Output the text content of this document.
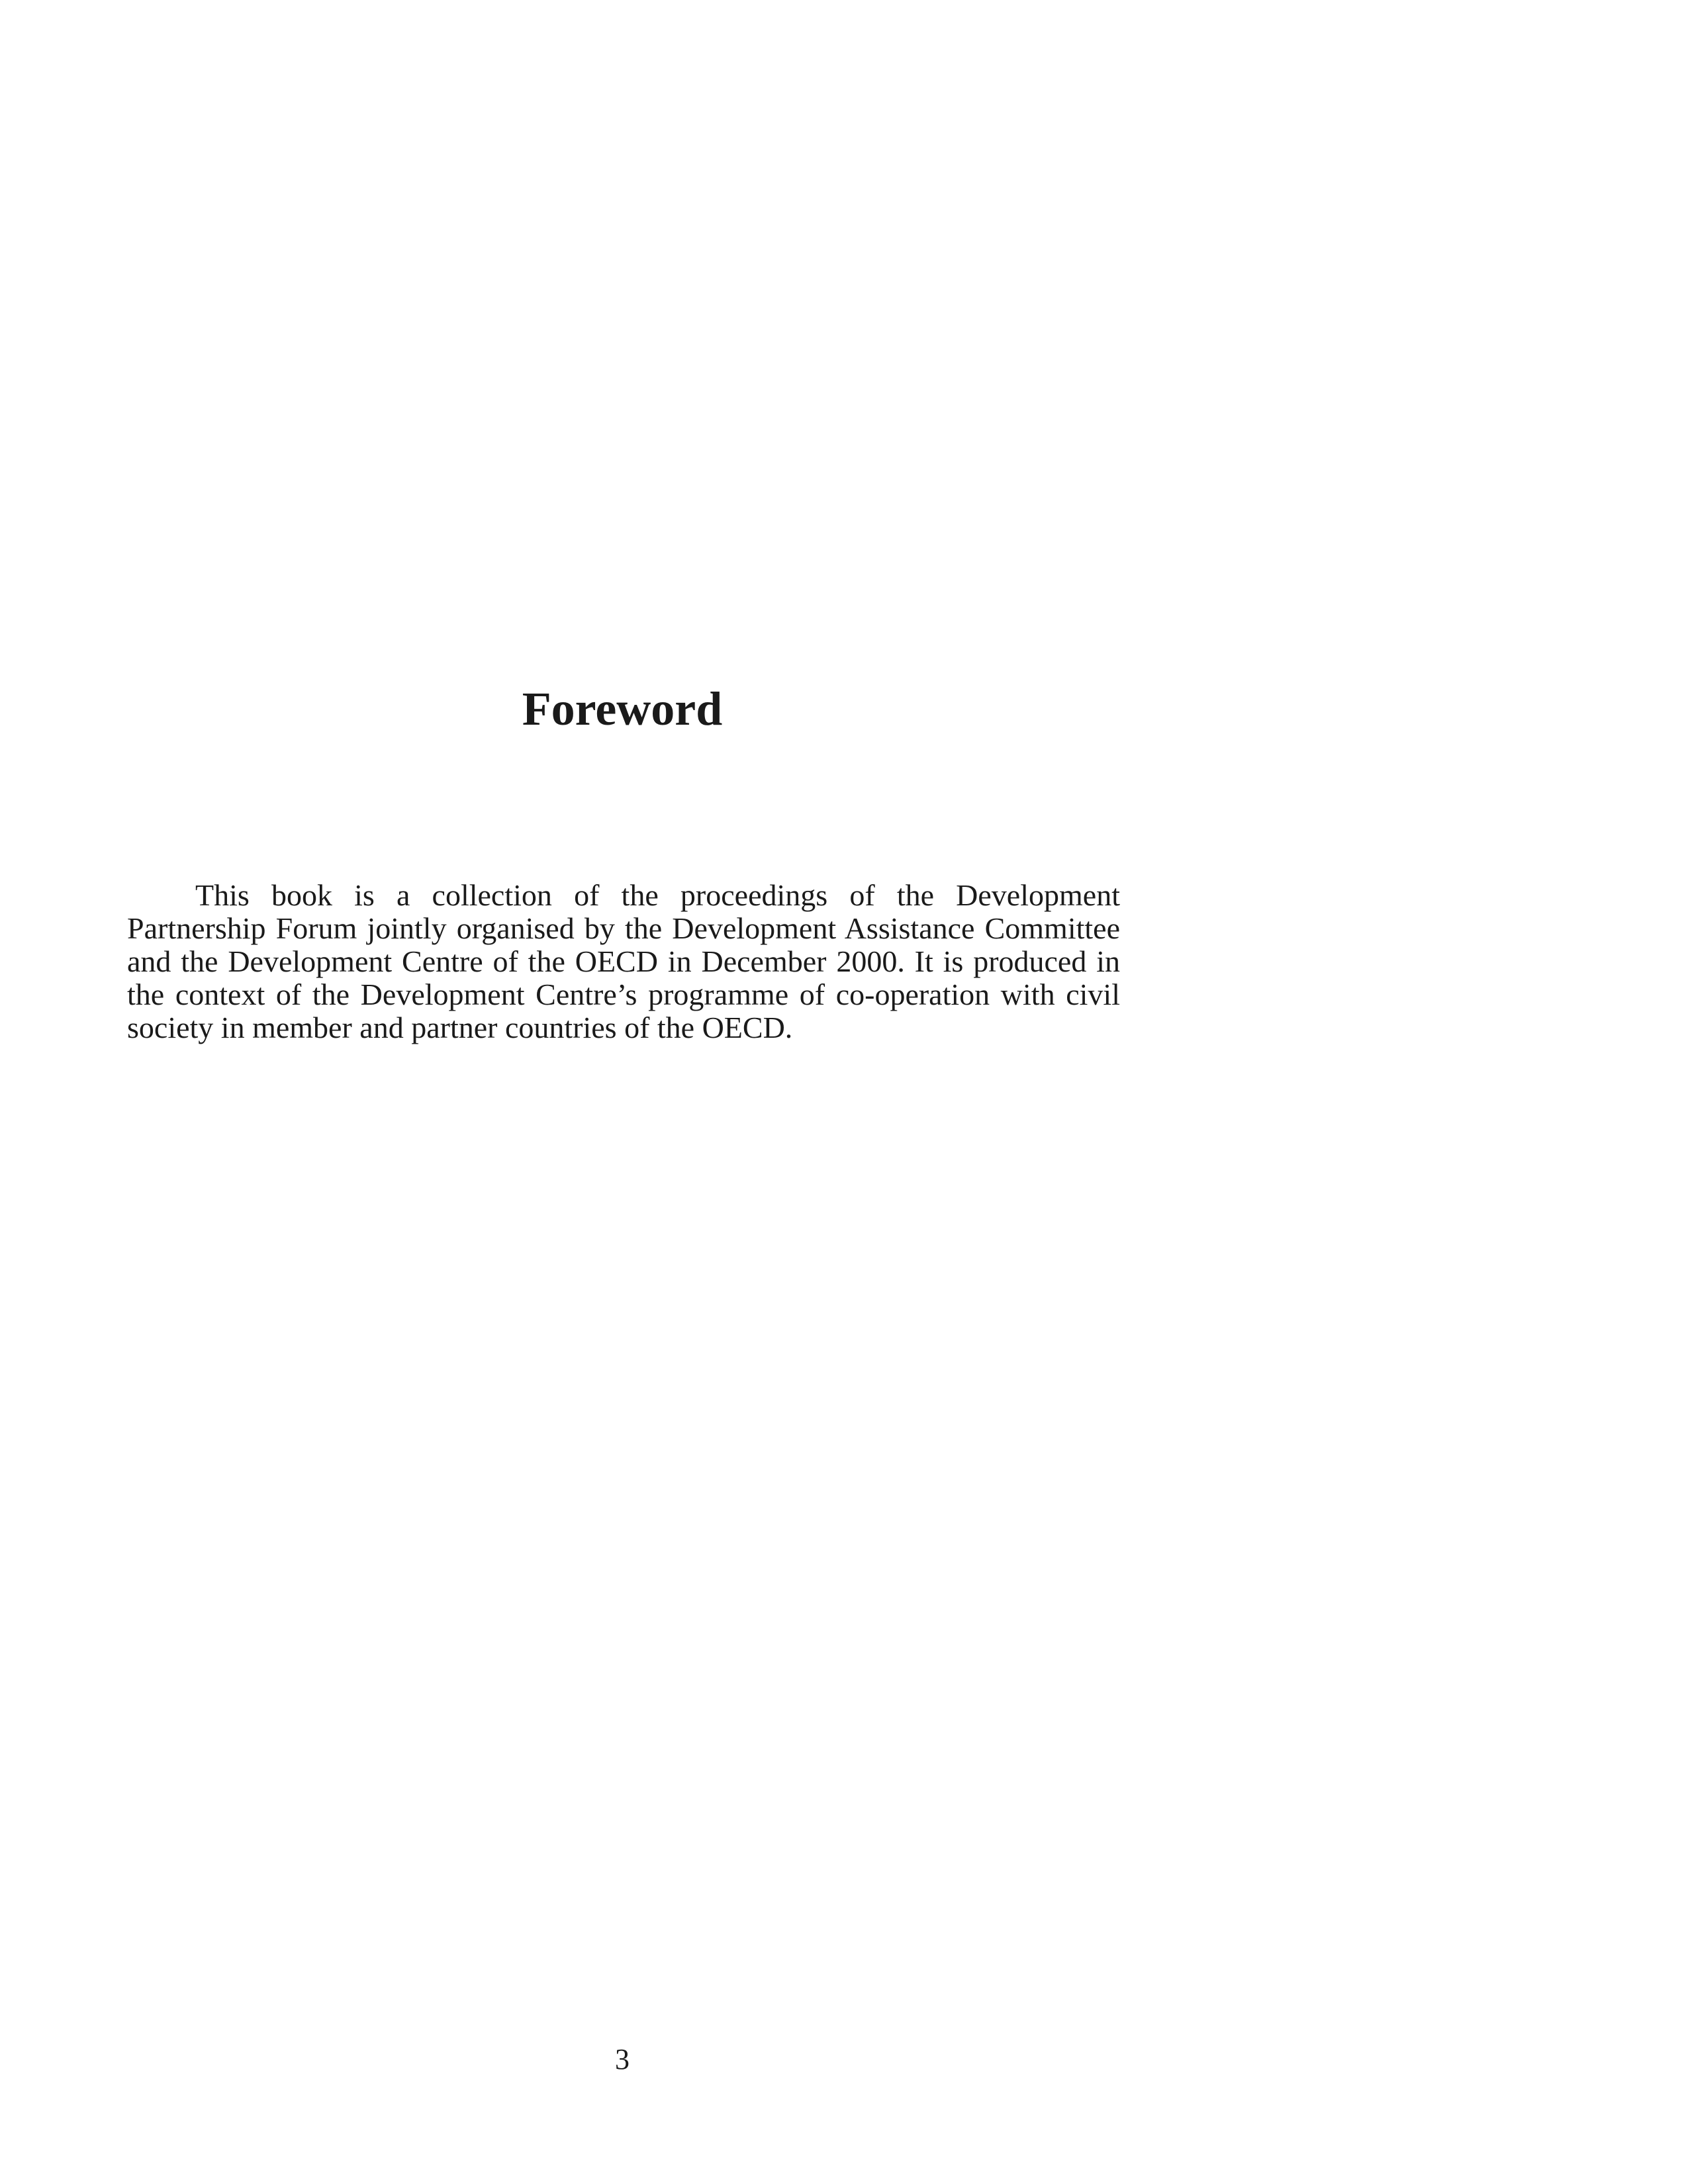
Foreword

This book is a collection of the proceedings of the Development Partnership Forum jointly organised by the Development Assistance Committee and the Development Centre of the OECD in December 2000. It is produced in the context of the Development Centre’s programme of co-operation with civil society in member and partner countries of the OECD.

3
